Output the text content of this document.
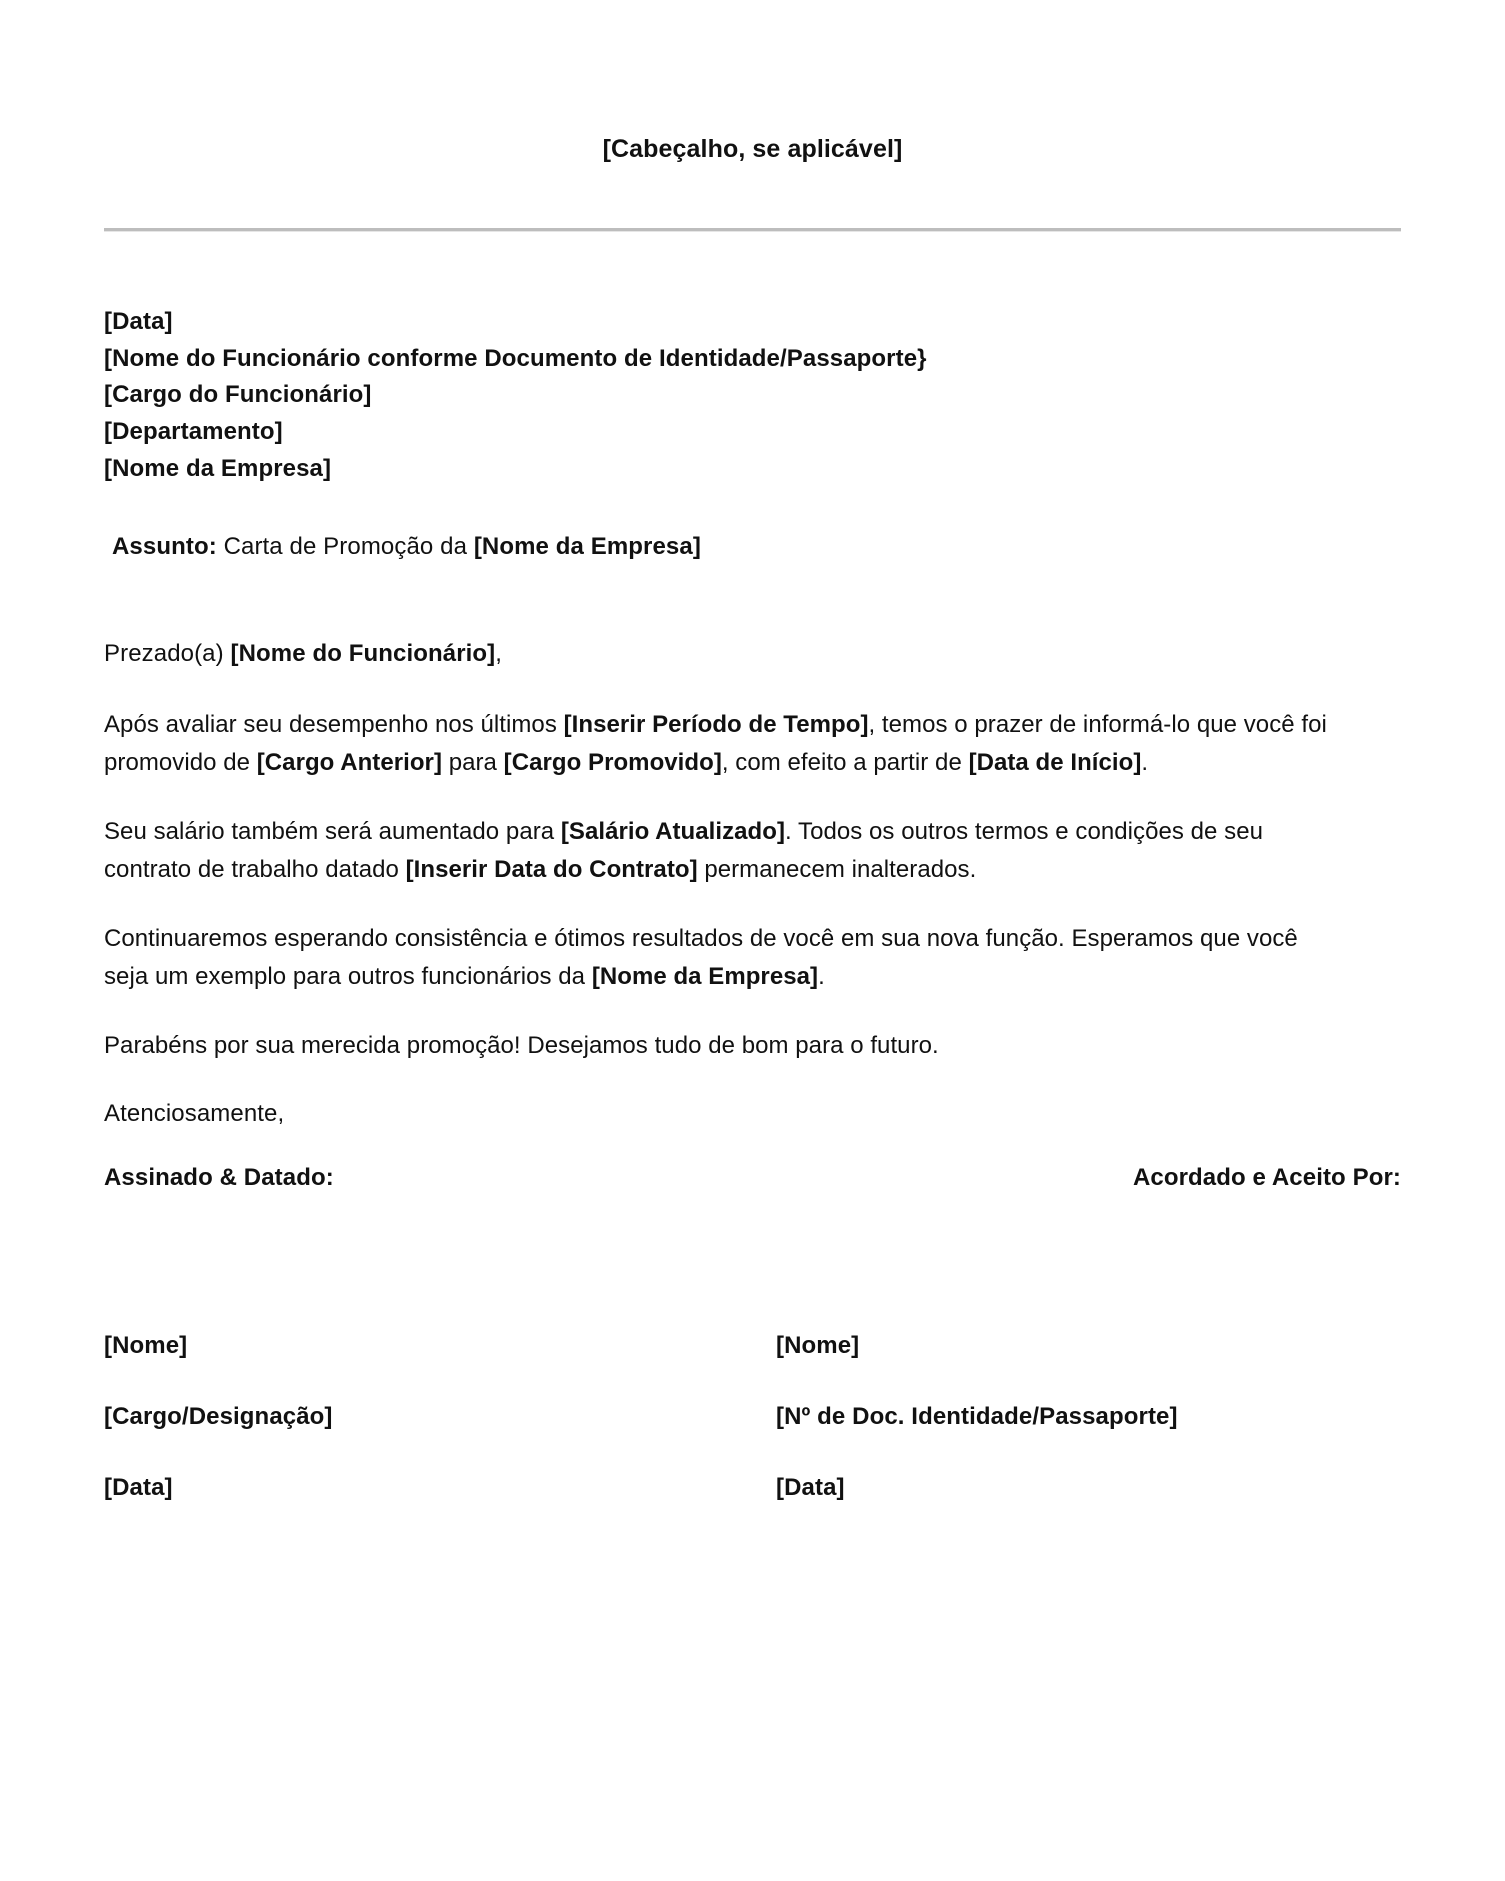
[Cabeçalho, se aplicável]
[Data]
[Nome do Funcionário conforme Documento de Identidade/Passaporte}
[Cargo do Funcionário]
[Departamento]
[Nome da Empresa]
Assunto: Carta de Promoção da [Nome da Empresa]
Prezado(a) [Nome do Funcionário],

Após avaliar seu desempenho nos últimos [Inserir Período de Tempo], temos o prazer de informá-lo que você foi promovido de [Cargo Anterior] para [Cargo Promovido], com efeito a partir de [Data de Início].

Seu salário também será aumentado para [Salário Atualizado]. Todos os outros termos e condições de seu contrato de trabalho datado [Inserir Data do Contrato] permanecem inalterados.

Continuaremos esperando consistência e ótimos resultados de você em sua nova função. Esperamos que você seja um exemplo para outros funcionários da [Nome da Empresa].

Parabéns por sua merecida promoção! Desejamos tudo de bom para o futuro.

Atenciosamente,
Assinado & Datado:	Acordado e Aceito Por:
[Nome]	[Nome]
[Cargo/Designação]	[Nº de Doc. Identidade/Passaporte]
[Data]	[Data]
